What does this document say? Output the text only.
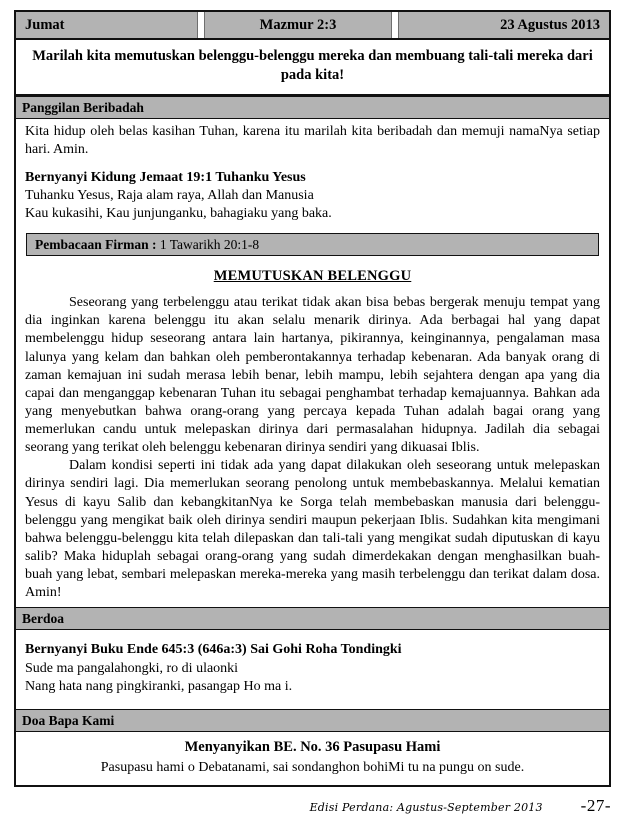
Jumat	Mazmur 2:3	23 Agustus 2013
Marilah kita memutuskan belenggu-belenggu mereka dan membuang tali-tali mereka dari pada kita!
Panggilan Beribadah

Kita hidup oleh belas kasihan Tuhan, karena itu marilah kita beribadah dan memuji namaNya setiap hari. Amin.

Bernyanyi Kidung Jemaat 19:1 Tuhanku Yesus

Tuhanku Yesus, Raja alam raya, Allah dan Manusia

Kau kukasihi, Kau junjunganku, bahagiaku yang baka.

Pembacaan Firman : 1 Tawarikh 20:1-8
MEMUTUSKAN BELENGGU

Seseorang yang terbelenggu atau terikat tidak akan bisa bebas bergerak menuju tempat yang dia inginkan karena belenggu itu akan selalu menarik dirinya. Ada berbagai hal yang dapat membelenggu hidup seseorang antara lain hartanya, pikirannya, keinginannya, pengalaman masa lalunya yang kelam dan bahkan oleh pemberontakannya terhadap kebenaran. Ada banyak orang di zaman kemajuan ini sudah merasa lebih benar, lebih mampu, lebih sejahtera dengan apa yang dia capai dan menganggap kebenaran Tuhan itu sebagai penghambat terhadap kemajuannya. Bahkan ada yang menyebutkan bahwa orang-orang yang percaya kepada Tuhan adalah bagai orang yang memerlukan candu untuk melepaskan dirinya dari permasalahan hidupnya. Jadilah dia sebagai seorang yang terikat oleh belenggu kebenaran dirinya sendiri yang dikuasai Iblis.

Dalam kondisi seperti ini tidak ada yang dapat dilakukan oleh seseorang untuk melepaskan dirinya sendiri lagi. Dia memerlukan seorang penolong untuk membebaskannya. Melalui kematian Yesus di kayu Salib dan kebangkitanNya ke Sorga telah membebaskan manusia dari belenggu-belenggu yang mengikat baik oleh dirinya sendiri maupun pekerjaan Iblis. Sudahkan kita mengimani bahwa belenggu-belenggu kita telah dilepaskan dan tali-tali yang mengikat sudah diputuskan di kayu salib? Maka hiduplah sebagai orang-orang yang sudah dimerdekakan dengan menghasilkan buah-buah yang lebat, sembari melepaskan mereka-mereka yang masih terbelenggu dan terikat dalam dosa. Amin!

Berdoa

Bernyanyi Buku Ende 645:3 (646a:3) Sai Gohi Roha Tondingki

Sude ma pangalahongki, ro di ulaonki

Nang hata nang pingkiranki, pasangap Ho ma i.

Doa Bapa Kami
Menyanyikan BE. No. 36 Pasupasu Hami
Pasupasu hami o Debatanami, sai sondanghon bohiMi tu na pungu on sude.
Edisi Perdana: Agustus-September 2013 -27-
